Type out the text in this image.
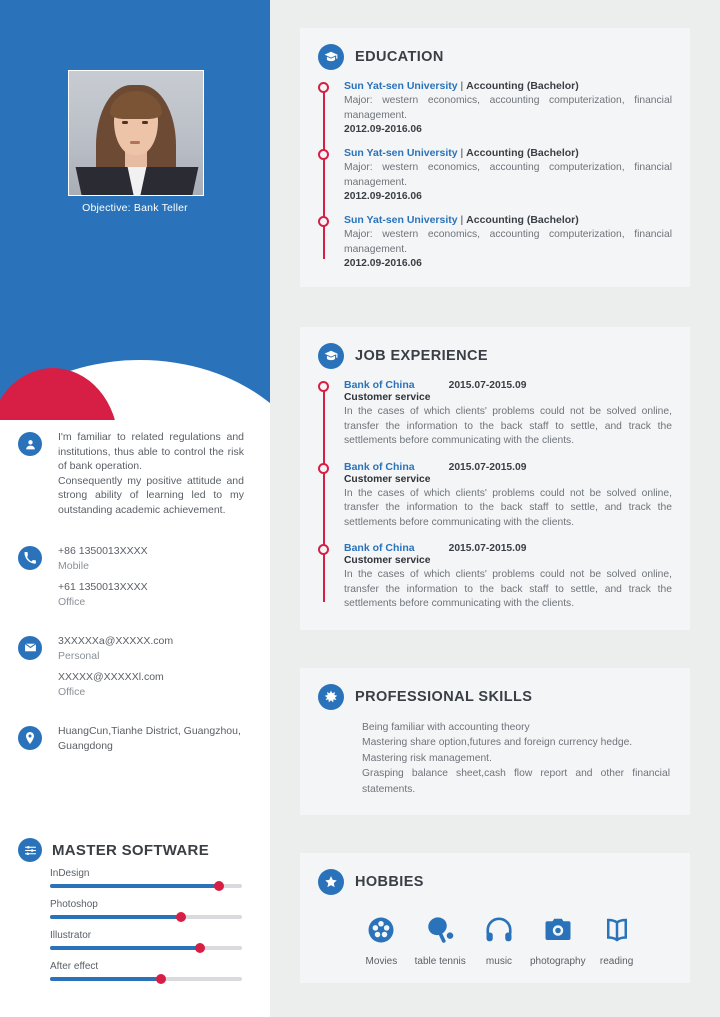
Objective: Bank Teller
I'm familiar to related regulations and institutions, thus able to control the risk of bank operation.
Consequently my positive attitude and strong ability of learning led to my outstanding academic achievement.
+86 1350013XXXX
Mobile
+61 1350013XXXX
Office
3XXXXXa@XXXXX.com
Personal
XXXXX@XXXXXl.com
Office
HuangCun,Tianhe District, Guangzhou, Guangdong
MASTER SOFTWARE
InDesign
Photoshop
Illustrator
After effect
EDUCATION
Sun Yat-sen University | Accounting (Bachelor)
Major: western economics, accounting computerization, financial management.
2012.09-2016.06
Sun Yat-sen University | Accounting (Bachelor)
Major: western economics, accounting computerization, financial management.
2012.09-2016.06
Sun Yat-sen University | Accounting (Bachelor)
Major: western economics, accounting computerization, financial management.
2012.09-2016.06
JOB EXPERIENCE
Bank of China	2015.07-2015.09
Customer service
In the cases of which clients' problems could not be solved online, transfer the information to the back staff to settle, and track the settlements before communicating with the clients.
Bank of China	2015.07-2015.09
Customer service
In the cases of which clients' problems could not be solved online, transfer the information to the back staff to settle, and track the settlements before communicating with the clients.
Bank of China	2015.07-2015.09
Customer service
In the cases of which clients' problems could not be solved online, transfer the information to the back staff to settle, and track the settlements before communicating with the clients.
PROFESSIONAL SKILLS
Being familiar with accounting theory
Mastering share option,futures and foreign currency hedge.
Mastering risk management.
Grasping balance sheet,cash flow report and other financial statements.
HOBBIES
Movies table tennis music photography reading
